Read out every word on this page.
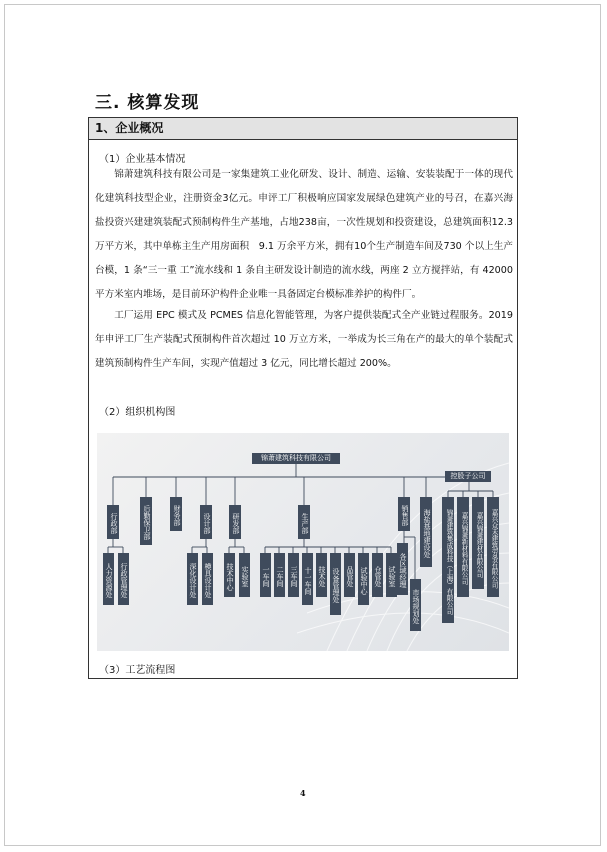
三. 核算发现
1、企业概况
（1）企业基本情况
锦萧建筑科技有限公司是一家集建筑工业化研发、设计、制造、运输、安装装配于一体的现代化建筑科技型企业，注册资金3亿元。申评工厂积极响应国家发展绿色建筑产业的号召，在嘉兴海盐投资兴建建筑装配式预制构件生产基地，占地238亩，一次性规划和投资建设，总建筑面积12.3万平方米，其中单栋主生产用房面积　9.1 万余平方米，拥有10个生产制造车间及730 个以上生产台模，1 条“三一重 工”流水线和 1 条自主研发设计制造的流水线，两座 2 立方搅拌站，有 42000 平方米室内堆场，是目前环沪构件企业唯一具备固定台模标准养护的构件厂。
工厂运用 EPC 模式及 PCMES 信息化智能管理，为客户提供装配式全产业链过程服务。2019 年申评工厂生产装配式预制构件首次超过 10 万立方米，一举成为长三角在产的最大的单个装配式建筑预制构件生产车间，实现产值超过 3 亿元，同比增长超过 200%。
（2）组织机构图
锦萧建筑科技有限公司
控股子公司
行政部	后勤保卫部	财务部	设计部	研发部	生产部	销售部	海盐基地建设处
人力资源处 行政管理处	深化设计处 模具设计处 技术中心 实验室 一车间 二车间 三车间 十一车间 技术处 设备管理处 品管处 试验中心 仓管处 试验室 各区域经理
市场规划处	锦萧建筑集成科技（上海）有限公司	嘉兴锦萧新材料有限公司	嘉兴锦萧建材有限公司	嘉兴众禾建筑劳务有限公司
（3）工艺流程图
4
